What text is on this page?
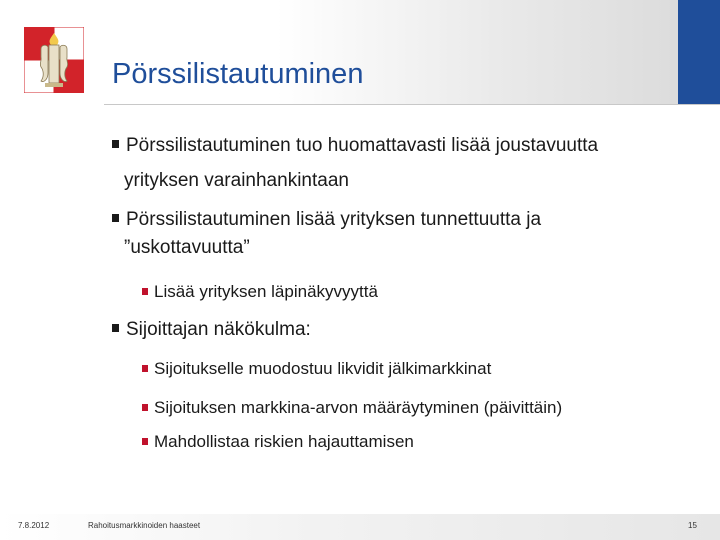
Pörssilistautuminen
Pörssilistautuminen tuo huomattavasti lisää joustavuutta
yrityksen varainhankintaan
Pörssilistautuminen lisää yrityksen tunnettuutta ja
”uskottavuutta”
Lisää yrityksen läpinäkyvyyttä
Sijoittajan näkökulma:
Sijoitukselle muodostuu likvidit jälkimarkkinat
Sijoituksen markkina-arvon määräytyminen (päivittäin)
Mahdollistaa riskien hajauttamisen
7.8.2012	Rahoitusmarkkinoiden haasteet	15
